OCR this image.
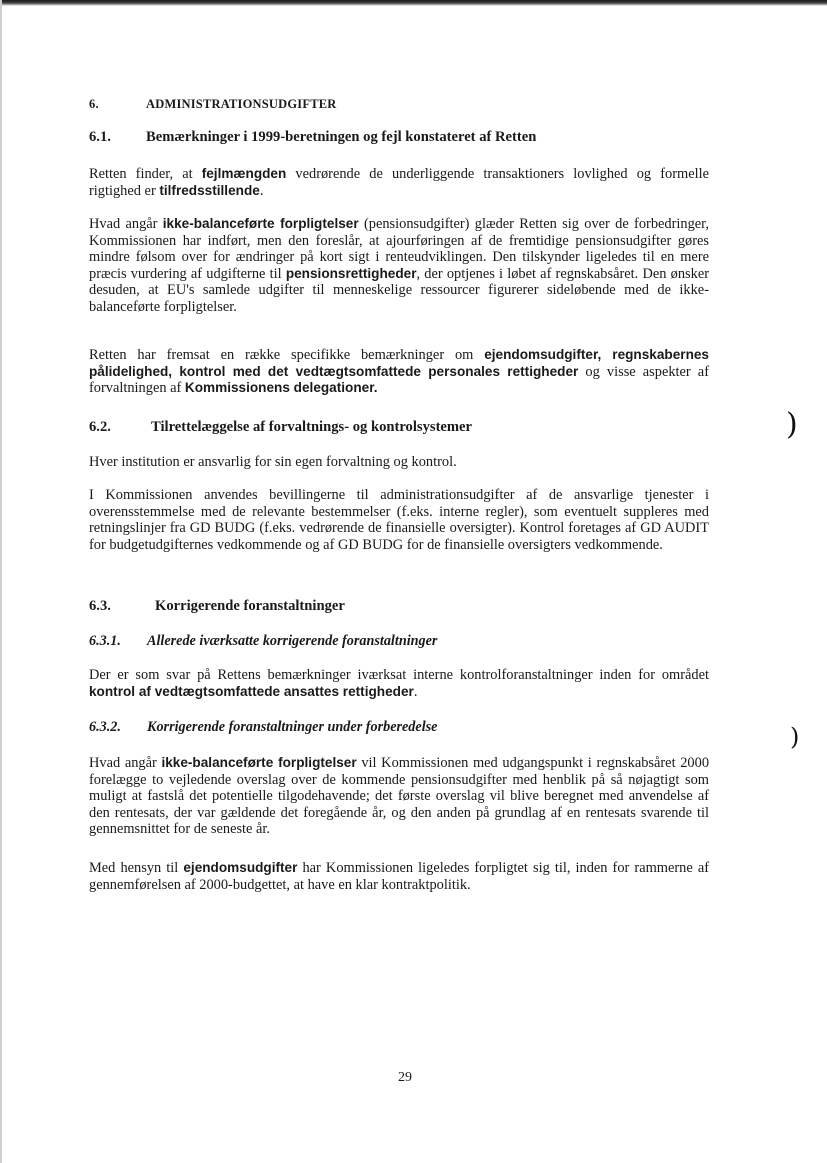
)
)
6.	ADMINISTRATIONSUDGIFTER
6.1. Bemærkninger i 1999-beretningen og fejl konstateret af Retten

Retten finder, at fejlmængden vedrørende de underliggende transaktioners lovlighed og formelle rigtighed er tilfredsstillende.

Hvad angår ikke-balanceførte forpligtelser (pensionsudgifter) glæder Retten sig over de forbedringer, Kommissionen har indført, men den foreslår, at ajourføringen af de fremtidige pensionsudgifter gøres mindre følsom over for ændringer på kort sigt i renteudviklingen. Den tilskynder ligeledes til en mere præcis vurdering af udgifterne til pensionsrettigheder, der optjenes i løbet af regnskabsåret. Den ønsker desuden, at EU's samlede udgifter til menneskelige ressourcer figurerer sideløbende med de ikke-balanceførte forpligtelser.

Retten har fremsat en række specifikke bemærkninger om ejendomsudgifter, regnskabernes pålidelighed, kontrol med det vedtægtsomfattede personales rettigheder og visse aspekter af forvaltningen af Kommissionens delegationer.

6.2.	Tilrettelæggelse af forvaltnings- og kontrolsystemer

Hver institution er ansvarlig for sin egen forvaltning og kontrol.

I Kommissionen anvendes bevillingerne til administrationsudgifter af de ansvarlige tjenester i overensstemmelse med de relevante bestemmelser (f.eks. interne regler), som eventuelt suppleres med retningslinjer fra GD BUDG (f.eks. vedrørende de finansielle oversigter). Kontrol foretages af GD AUDIT for budgetudgifternes vedkommende og af GD BUDG for de finansielle oversigters vedkommende.

6.3.	Korrigerende foranstaltninger
6.3.1. Allerede iværksatte korrigerende foranstaltninger

Der er som svar på Rettens bemærkninger iværksat interne kontrolforanstaltninger inden for området kontrol af vedtægtsomfattede ansattes rettigheder.

6.3.2. Korrigerende foranstaltninger under forberedelse

Hvad angår ikke-balanceførte forpligtelser vil Kommissionen med udgangspunkt i regnskabsåret 2000 forelægge to vejledende overslag over de kommende pensionsudgifter med henblik på så nøjagtigt som muligt at fastslå det potentielle tilgodehavende; det første overslag vil blive beregnet med anvendelse af den rentesats, der var gældende det foregående år, og den anden på grundlag af en rentesats svarende til gennemsnittet for de seneste år.

Med hensyn til ejendomsudgifter har Kommissionen ligeledes forpligtet sig til, inden for rammerne af gennemførelsen af 2000-budgettet, at have en klar kontraktpolitik.

29
